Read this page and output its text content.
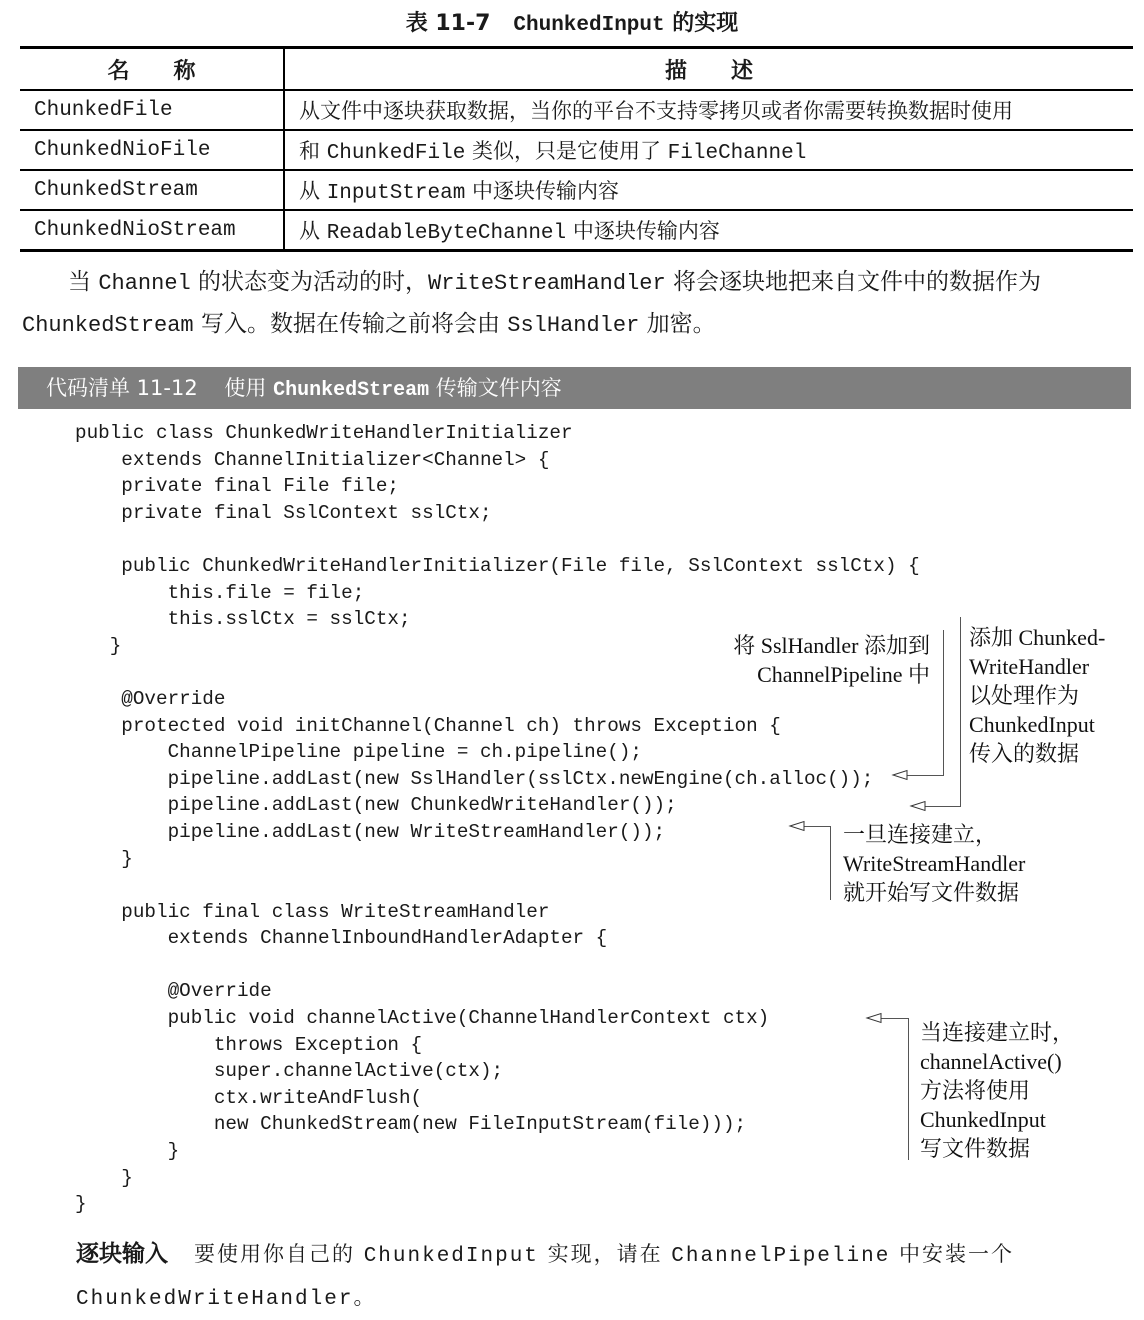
表 11-7 ChunkedInput 的实现
名　　称	描　　述
ChunkedFile	从文件中逐块获取数据，当你的平台不支持零拷贝或者你需要转换数据时使用
ChunkedNioFile	和 ChunkedFile 类似，只是它使用了 FileChannel
ChunkedStream	从 InputStream 中逐块传输内容
ChunkedNioStream	从 ReadableByteChannel 中逐块传输内容
　　当 Channel 的状态变为活动的时，WriteStreamHandler 将会逐块地把来自文件中的数据作为 ChunkedStream 写入。数据在传输之前将会由 SslHandler 加密。
代码清单 11-12 使用 ChunkedStream 传输文件内容
public class ChunkedWriteHandlerInitializer
extends ChannelInitializer<Channel> {
private final File file;
private final SslContext sslCtx;

public ChunkedWriteHandlerInitializer(File file, SslContext sslCtx) {
this.file = file;
this.sslCtx = sslCtx;
}

@Override
protected void initChannel(Channel ch) throws Exception {
ChannelPipeline pipeline = ch.pipeline();
pipeline.addLast(new SslHandler(sslCtx.newEngine(ch.alloc());
pipeline.addLast(new ChunkedWriteHandler());
pipeline.addLast(new WriteStreamHandler());
}

public final class WriteStreamHandler
extends ChannelInboundHandlerAdapter {

@Override
public void channelActive(ChannelHandlerContext ctx)
throws Exception {
super.channelActive(ctx);
ctx.writeAndFlush(
new ChunkedStream(new FileInputStream(file)));
}
}
}
将 SslHandler 添加到
ChannelPipeline 中
添加 Chunked-
WriteHandler
以处理作为
ChunkedInput
传入的数据
一旦连接建立，
WriteStreamHandler
就开始写文件数据
当连接建立时，
channelActive()
方法将使用
ChunkedInput
写文件数据
逐块输入 要使用你自己的 ChunkedInput 实现，请在 ChannelPipeline 中安装一个
ChunkedWriteHandler。
